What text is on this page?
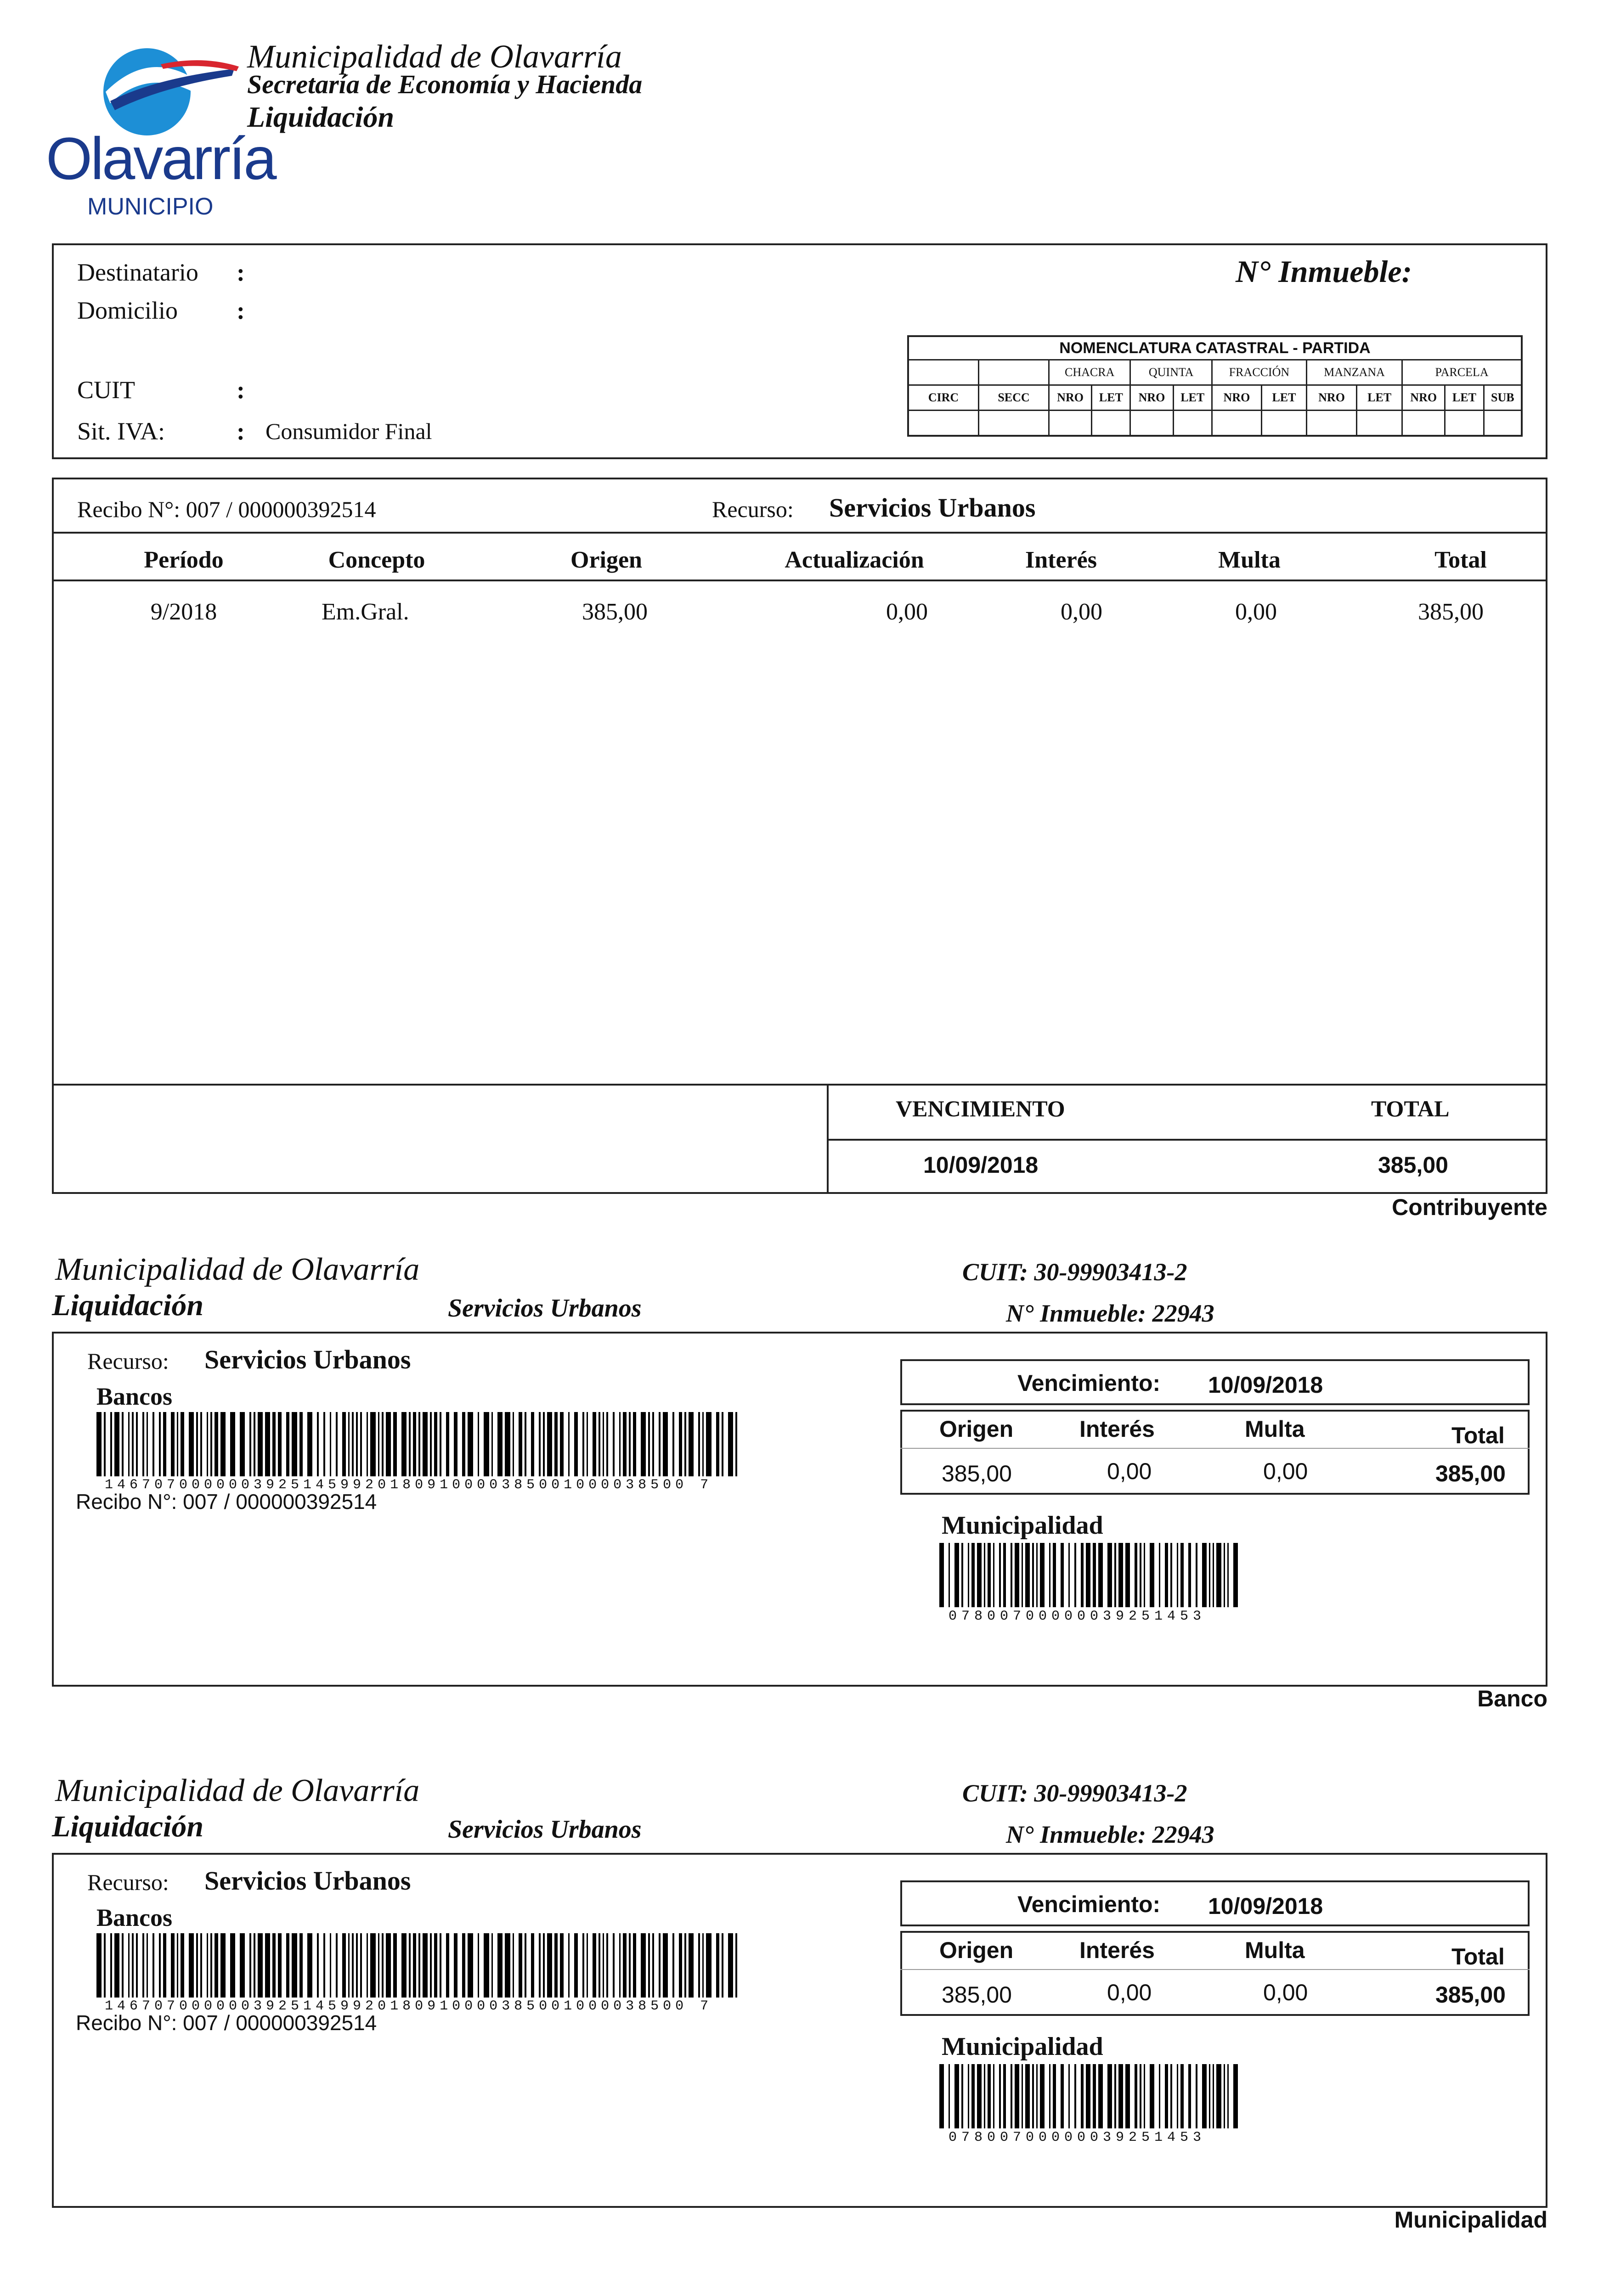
Olavarría
MUNICIPIO
Municipalidad de Olavarría
Secretaría de Economía y Hacienda
Liquidación
Destinatario :
Domicilio :
CUIT	:
Sit. IVA:	: Consumidor Final
N° Inmueble:
NOMENCLATURA CATASTRAL - PARTIDA												
		CHACRA		QUINTA		FRACCIÓN		MANZANA		PARCELA		
CIRC	SECC	NRO	LET	NRO	LET	NRO	LET	NRO	LET	NRO	LET	SUB

Recibo N°: 007 / 000000392514	Recurso: Servicios Urbanos
Período	Concepto	Origen	Actualización	Interés	Multa	Total
9/2018	Em.Gral.	385,00	0,00	0,00	0,00	385,00
VENCIMIENTO	TOTAL
10/09/2018	385,00
Contribuyente
Municipalidad de Olavarría
Liquidación	Servicios Urbanos
CUIT: 30-99903413-2
N° Inmueble: 22943
Recurso: Servicios Urbanos
Bancos
14670700000039251459920180910000385001000038500 7
Recibo N°: 007 / 000000392514
Vencimiento: 10/09/2018
Origen	Interés	Multa	Total
385,00	0,00	0,00	385,00
Municipalidad
07800700000039251453
Banco
Municipalidad de Olavarría
Liquidación	Servicios Urbanos
CUIT: 30-99903413-2
N° Inmueble: 22943
Recurso: Servicios Urbanos
Bancos
14670700000039251459920180910000385001000038500 7
Recibo N°: 007 / 000000392514
Vencimiento: 10/09/2018
Origen	Interés	Multa	Total
385,00	0,00	0,00	385,00
Municipalidad
07800700000039251453
Municipalidad
